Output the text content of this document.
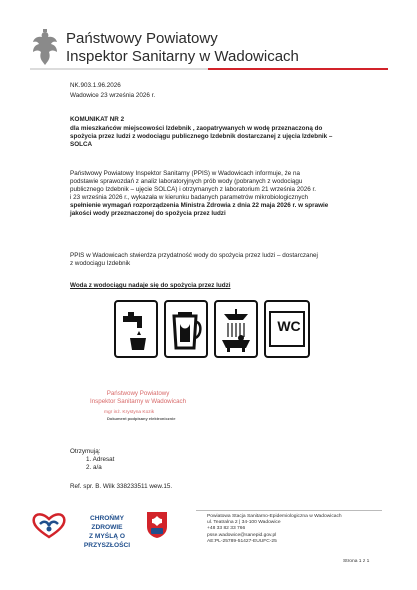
Państwowy Powiatowy
Inspektor Sanitarny w Wadowicach
NK.903.1.96.2026
Wadowice 23 września 2026 r.
KOMUNIKAT NR 2
dla mieszkańców miejscowości Izdebnik , zaopatrywanych w wodę przeznaczoną do
spożycia przez ludzi z wodociągu publicznego Izdebnik dostarczanej z ujęcia Izdebnik –
SOLCA
Państwowy Powiatowy Inspektor Sanitarny (PPIS) w Wadowicach informuje, że na
podstawie sprawozdań z analiz laboratoryjnych prób wody (pobranych z wodociągu
publicznego Izdebnik – ujęcie SOLCA) i otrzymanych z laboratorium 21 września 2026 r.
i 23 września 2026 r., wykazała w kierunku badanych parametrów mikrobiologicznych
spełnienie wymagań rozporządzenia Ministra Zdrowia z dnia 22 maja 2026 r. w sprawie
jakości wody przeznaczonej do spożycia przez ludzi
PPIS w Wadowicach stwierdza przydatność wody do spożycia przez ludzi – dostarczanej
z wodociągu Izdebnik
Woda z wodociągu nadaje się do spożycia przez ludzi
WC
Państwowy Powiatowy
Inspektor Sanitarny w Wadowicach
mgr inż. Krystyna Kozik
Dokument podpisany elektronicznie
Otrzymują:
1. Adresat
2. a/a
Ref. spr. B. Wilk 338233511 wew.15.
CHROŃMY ZDROWIE
Z MYŚLĄ O PRZYSZŁOŚCI
Powiatowa Stacja Sanitarno-Epidemiologiczna w Wadowicach
ul. Teatralna 2 | 34-100 Wadowice
+48 33 82 33 766
psse.wadowice@sanepid.gov.pl
AE:PL-25789-51427-EUUFC-25
Strona 1 z 1
